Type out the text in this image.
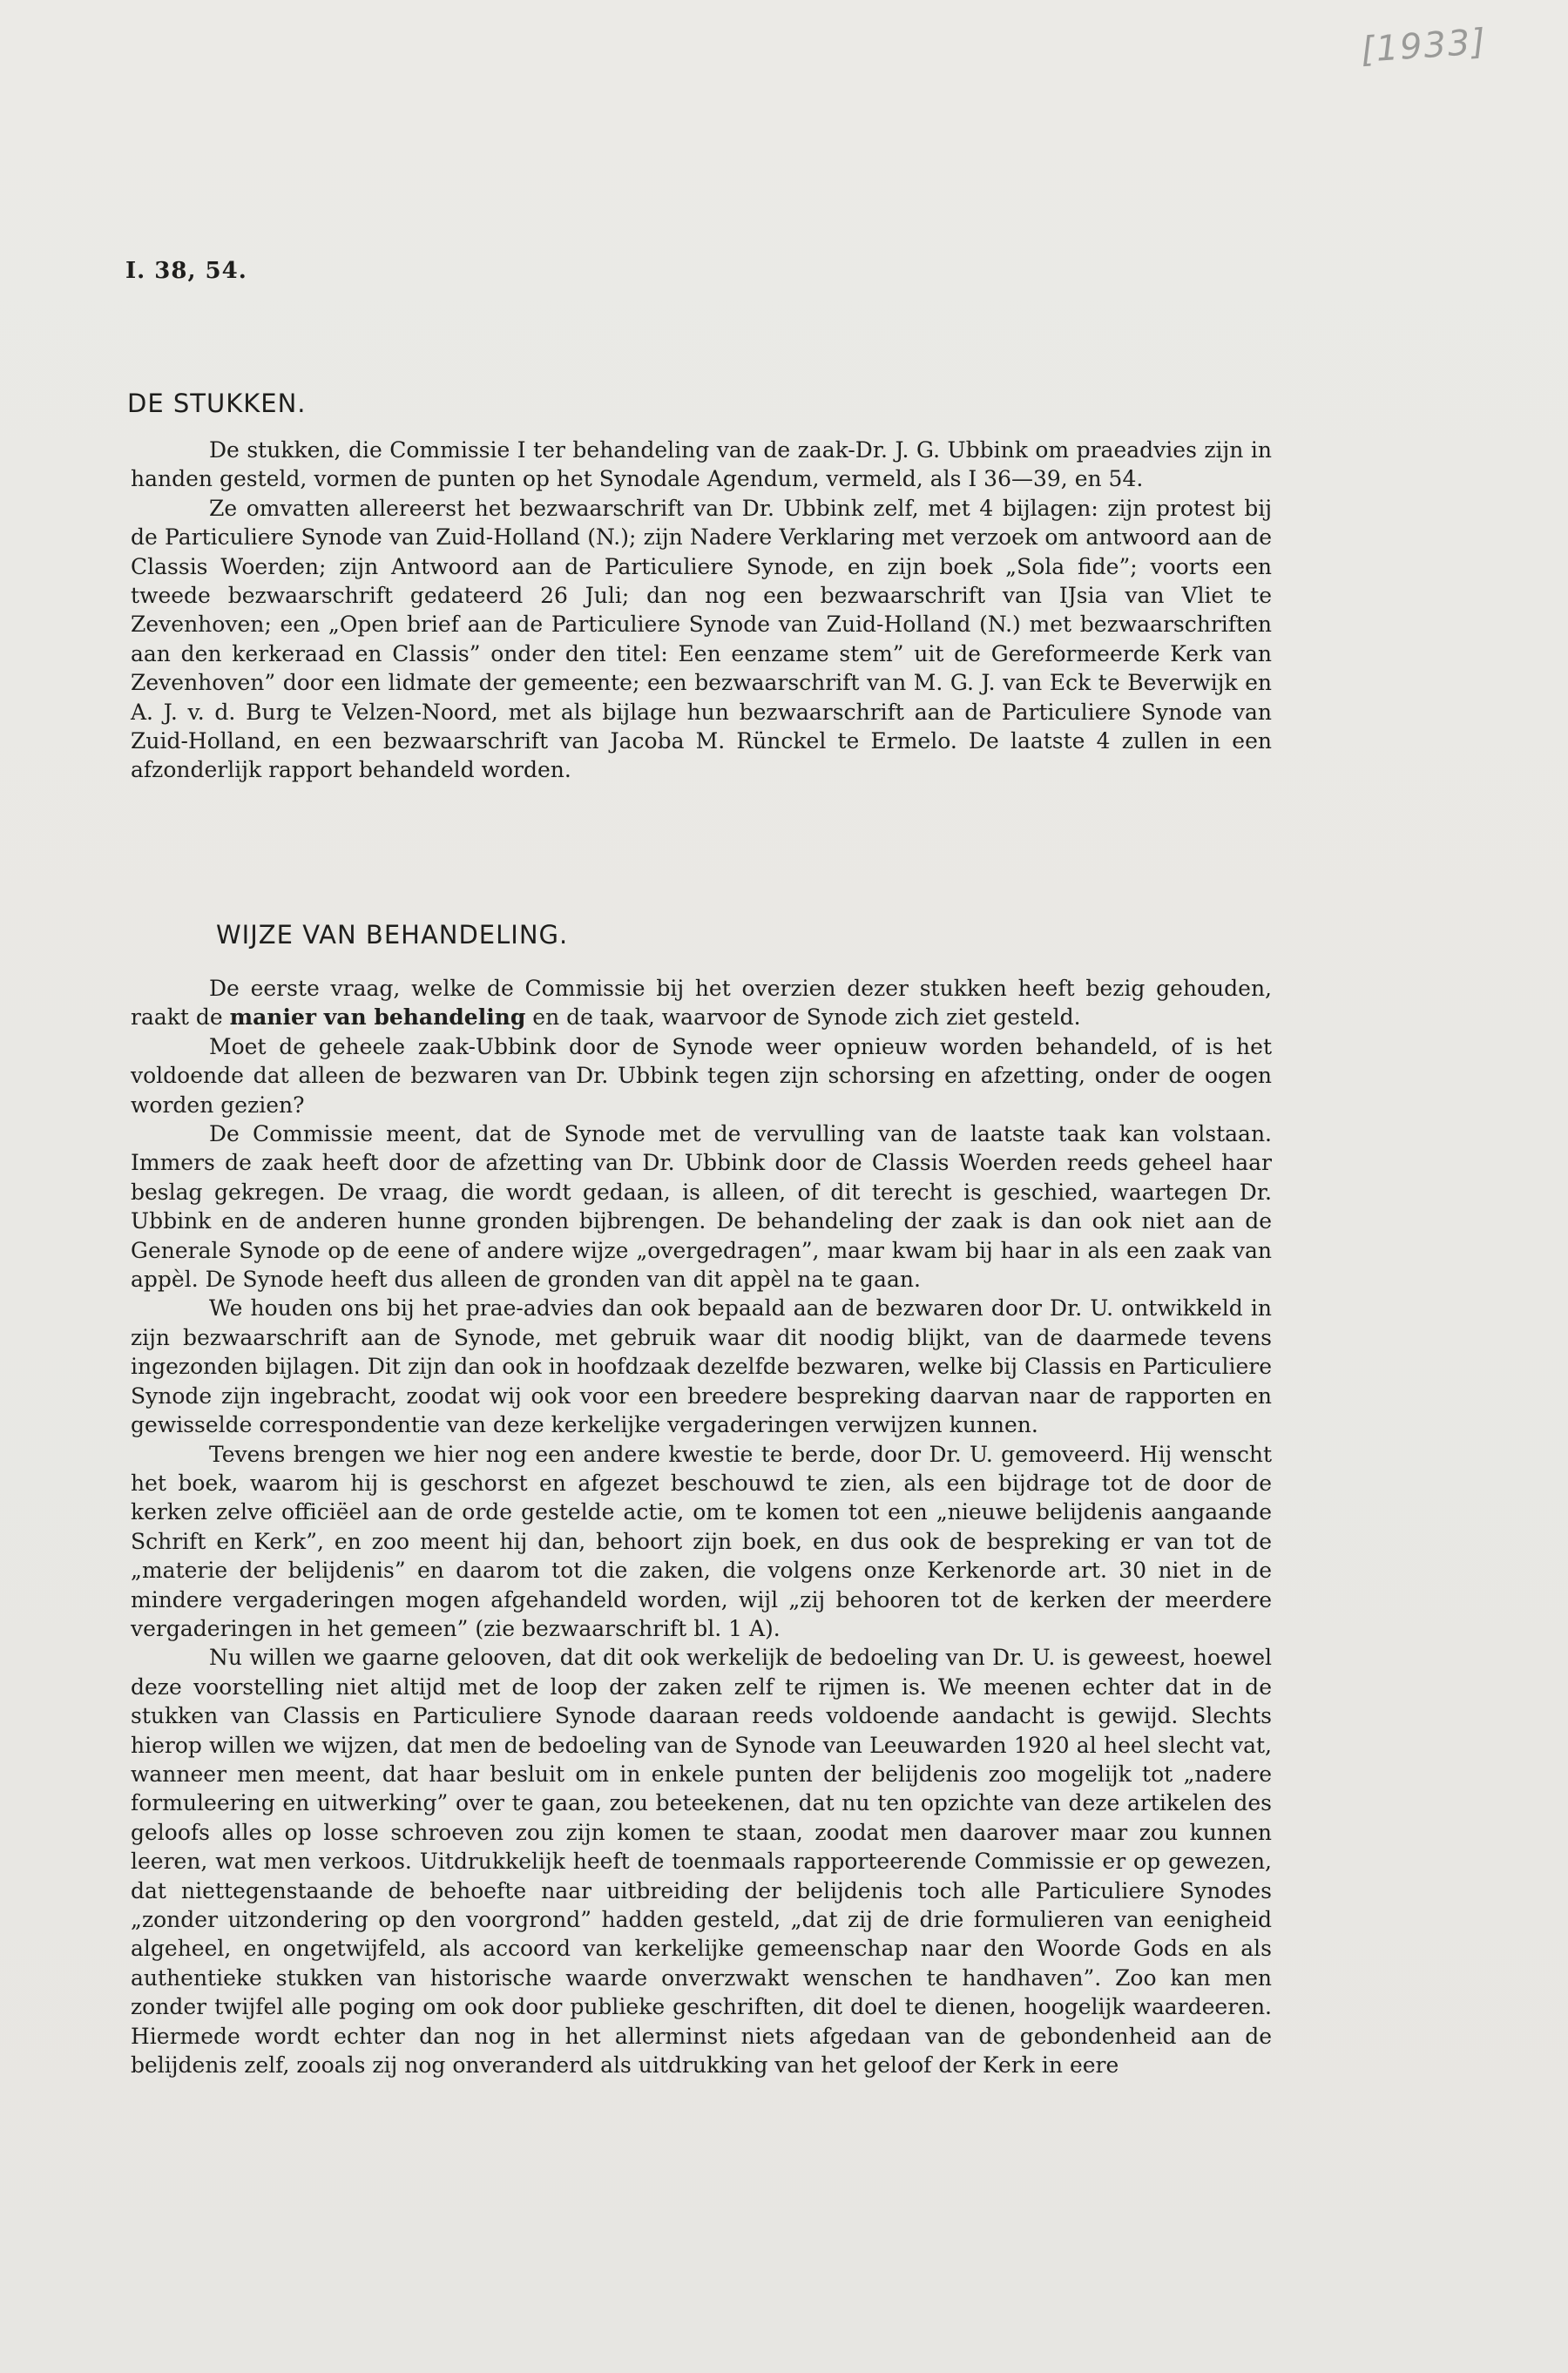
[1933]
I. 38, 54.
DE STUKKEN.

De stukken, die Commissie I ter behandeling van de zaak-Dr. J. G. Ubbink om praeadvies zijn in handen gesteld, vormen de punten op het Synodale Agendum, vermeld, als I 36—39, en 54.

Ze omvatten allereerst het bezwaarschrift van Dr. Ubbink zelf, met 4 bijlagen: zijn protest bij de Particuliere Synode van Zuid-Holland (N.); zijn Nadere Verklaring met verzoek om antwoord aan de Classis Woerden; zijn Antwoord aan de Particuliere Synode, en zijn boek „Sola fide”; voorts een tweede bezwaarschrift gedateerd 26 Juli; dan nog een bezwaarschrift van IJsia van Vliet te Zevenhoven; een „Open brief aan de Particuliere Synode van Zuid-Holland (N.) met bezwaarschriften aan den kerkeraad en Classis” onder den titel: Een eenzame stem” uit de Gereformeerde Kerk van Zevenhoven” door een lidmate der gemeente; een bezwaarschrift van M. G. J. van Eck te Beverwijk en A. J. v. d. Burg te Velzen-Noord, met als bijlage hun bezwaarschrift aan de Particuliere Synode van Zuid-Holland, en een bezwaarschrift van Jacoba M. Rünckel te Ermelo. De laatste 4 zullen in een afzonderlijk rapport behandeld worden.

WIJZE VAN BEHANDELING.

De eerste vraag, welke de Commissie bij het overzien dezer stukken heeft bezig gehouden, raakt de manier van behandeling en de taak, waarvoor de Synode zich ziet gesteld.

Moet de geheele zaak-Ubbink door de Synode weer opnieuw worden behandeld, of is het voldoende dat alleen de bezwaren van Dr. Ubbink tegen zijn schorsing en afzetting, onder de oogen worden gezien?

De Commissie meent, dat de Synode met de vervulling van de laatste taak kan volstaan. Immers de zaak heeft door de afzetting van Dr. Ubbink door de Classis Woerden reeds geheel haar beslag gekregen. De vraag, die wordt gedaan, is alleen, of dit terecht is geschied, waartegen Dr. Ubbink en de anderen hunne gronden bijbrengen. De behandeling der zaak is dan ook niet aan de Generale Synode op de eene of andere wijze „overgedragen”, maar kwam bij haar in als een zaak van appèl. De Synode heeft dus alleen de gronden van dit appèl na te gaan.

We houden ons bij het prae-advies dan ook bepaald aan de bezwaren door Dr. U. ontwikkeld in zijn bezwaarschrift aan de Synode, met gebruik waar dit noodig blijkt, van de daarmede tevens ingezonden bijlagen. Dit zijn dan ook in hoofdzaak dezelfde bezwaren, welke bij Classis en Particuliere Synode zijn ingebracht, zoodat wij ook voor een breedere bespreking daarvan naar de rapporten en gewisselde correspondentie van deze kerkelijke vergaderingen verwijzen kunnen.

Tevens brengen we hier nog een andere kwestie te berde, door Dr. U. gemoveerd. Hij wenscht het boek, waarom hij is geschorst en afgezet beschouwd te zien, als een bijdrage tot de door de kerken zelve officiëel aan de orde gestelde actie, om te komen tot een „nieuwe belijdenis aangaande Schrift en Kerk”, en zoo meent hij dan, behoort zijn boek, en dus ook de bespreking er van tot de „materie der belijdenis” en daarom tot die zaken, die volgens onze Kerkenorde art. 30 niet in de mindere vergaderingen mogen afgehandeld worden, wijl „zij behooren tot de kerken der meerdere vergaderingen in het gemeen” (zie bezwaarschrift bl. 1 A).

Nu willen we gaarne gelooven, dat dit ook werkelijk de bedoeling van Dr. U. is geweest, hoewel deze voorstelling niet altijd met de loop der zaken zelf te rijmen is. We meenen echter dat in de stukken van Classis en Particuliere Synode daaraan reeds voldoende aandacht is gewijd. Slechts hierop willen we wijzen, dat men de bedoeling van de Synode van Leeuwarden 1920 al heel slecht vat, wanneer men meent, dat haar besluit om in enkele punten der belijdenis zoo mogelijk tot „nadere formuleering en uitwerking” over te gaan, zou beteekenen, dat nu ten opzichte van deze artikelen des geloofs alles op losse schroeven zou zijn komen te staan, zoodat men daarover maar zou kunnen leeren, wat men verkoos. Uitdrukkelijk heeft de toenmaals rapporteerende Commissie er op gewezen, dat niettegenstaande de behoefte naar uitbreiding der belijdenis toch alle Particuliere Synodes „zonder uitzondering op den voorgrond” hadden gesteld, „dat zij de drie formulieren van eenigheid algeheel, en ongetwijfeld, als accoord van kerkelijke gemeenschap naar den Woorde Gods en als authentieke stukken van historische waarde onverzwakt wenschen te handhaven”. Zoo kan men zonder twijfel alle poging om ook door publieke geschriften, dit doel te dienen, hoogelijk waardeeren. Hiermede wordt echter dan nog in het allerminst niets afgedaan van de gebondenheid aan de belijdenis zelf, zooals zij nog onveranderd als uitdrukking van het geloof der Kerk in eere
